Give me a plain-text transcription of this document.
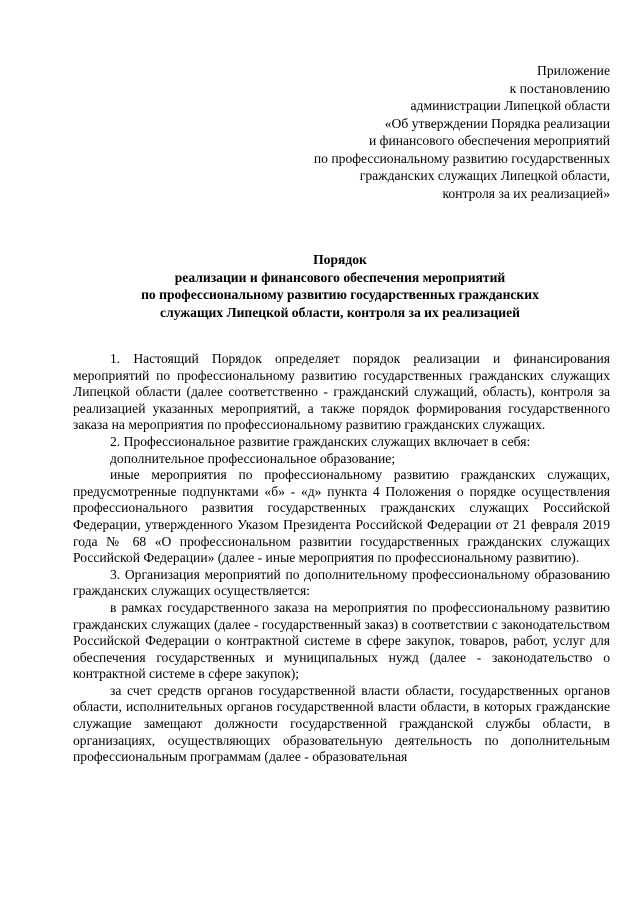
Приложение
к постановлению
администрации Липецкой области
«Об утверждении Порядка реализации
и финансового обеспечения мероприятий
по профессиональному развитию государственных
гражданских служащих Липецкой области,
контроля за их реализацией»
Порядок
реализации и финансового обеспечения мероприятий
по профессиональному развитию государственных гражданских
служащих Липецкой области, контроля за их реализацией

1. Настоящий Порядок определяет порядок реализации и финансирования мероприятий по профессиональному развитию государственных гражданских служащих Липецкой области (далее соответственно - гражданский служащий, область), контроля за реализацией указанных мероприятий, а также порядок формирования государственного заказа на мероприятия по профессиональному развитию гражданских служащих.

2. Профессиональное развитие гражданских служащих включает в себя:

дополнительное профессиональное образование;

иные мероприятия по профессиональному развитию гражданских служащих, предусмотренные подпунктами «б» - «д» пункта 4 Положения о порядке осуществления профессионального развития государственных гражданских служащих Российской Федерации, утвержденного Указом Президента Российской Федерации от 21 февраля 2019 года № 68 «О профессиональном развитии государственных гражданских служащих Российской Федерации» (далее - иные мероприятия по профессиональному развитию).

3. Организация мероприятий по дополнительному профессиональному образованию гражданских служащих осуществляется:

в рамках государственного заказа на мероприятия по профессиональному развитию гражданских служащих (далее - государственный заказ) в соответствии с законодательством Российской Федерации о контрактной системе в сфере закупок, товаров, работ, услуг для обеспечения государственных и муниципальных нужд (далее - законодательство о контрактной системе в сфере закупок);

за счет средств органов государственной власти области, государственных органов области, исполнительных органов государственной власти области, в которых гражданские служащие замещают должности государственной гражданской службы области, в организациях, осуществляющих образовательную деятельность по дополнительным профессиональным программам (далее - образовательная
